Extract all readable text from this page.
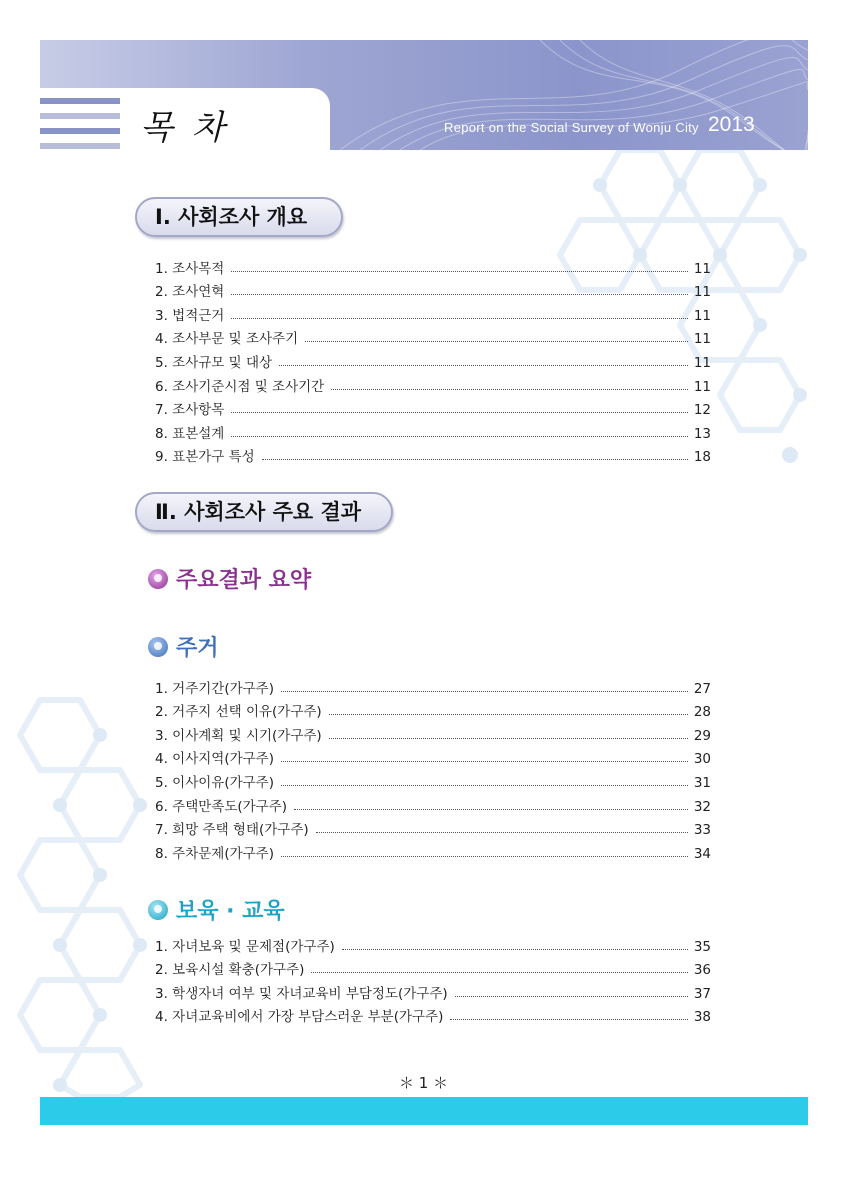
목 차	Report on the Social Survey of Wonju City 2013
Ⅰ. 사회조사 개요
1. 조사목적	11
2. 조사연혁	11
3. 법적근거	11
4. 조사부문 및 조사주기	11
5. 조사규모 및 대상	11
6. 조사기준시점 및 조사기간	11
7. 조사항목	12
8. 표본설계	13
9. 표본가구 특성	18
Ⅱ. 사회조사 주요 결과
주요결과 요약
주거
1. 거주기간(가구주)	27
2. 거주지 선택 이유(가구주)	28
3. 이사계획 및 시기(가구주)	29
4. 이사지역(가구주)	30
5. 이사이유(가구주)	31
6. 주택만족도(가구주)	32
7. 희망 주택 형태(가구주)	33
8. 주차문제(가구주)	34
보육 · 교육
1. 자녀보육 및 문제점(가구주)	35
2. 보육시설 확충(가구주)	36
3. 학생자녀 여부 및 자녀교육비 부담정도(가구주)	37
4. 자녀교육비에서 가장 부담스러운 부분(가구주)	38
＊ 1 ＊
